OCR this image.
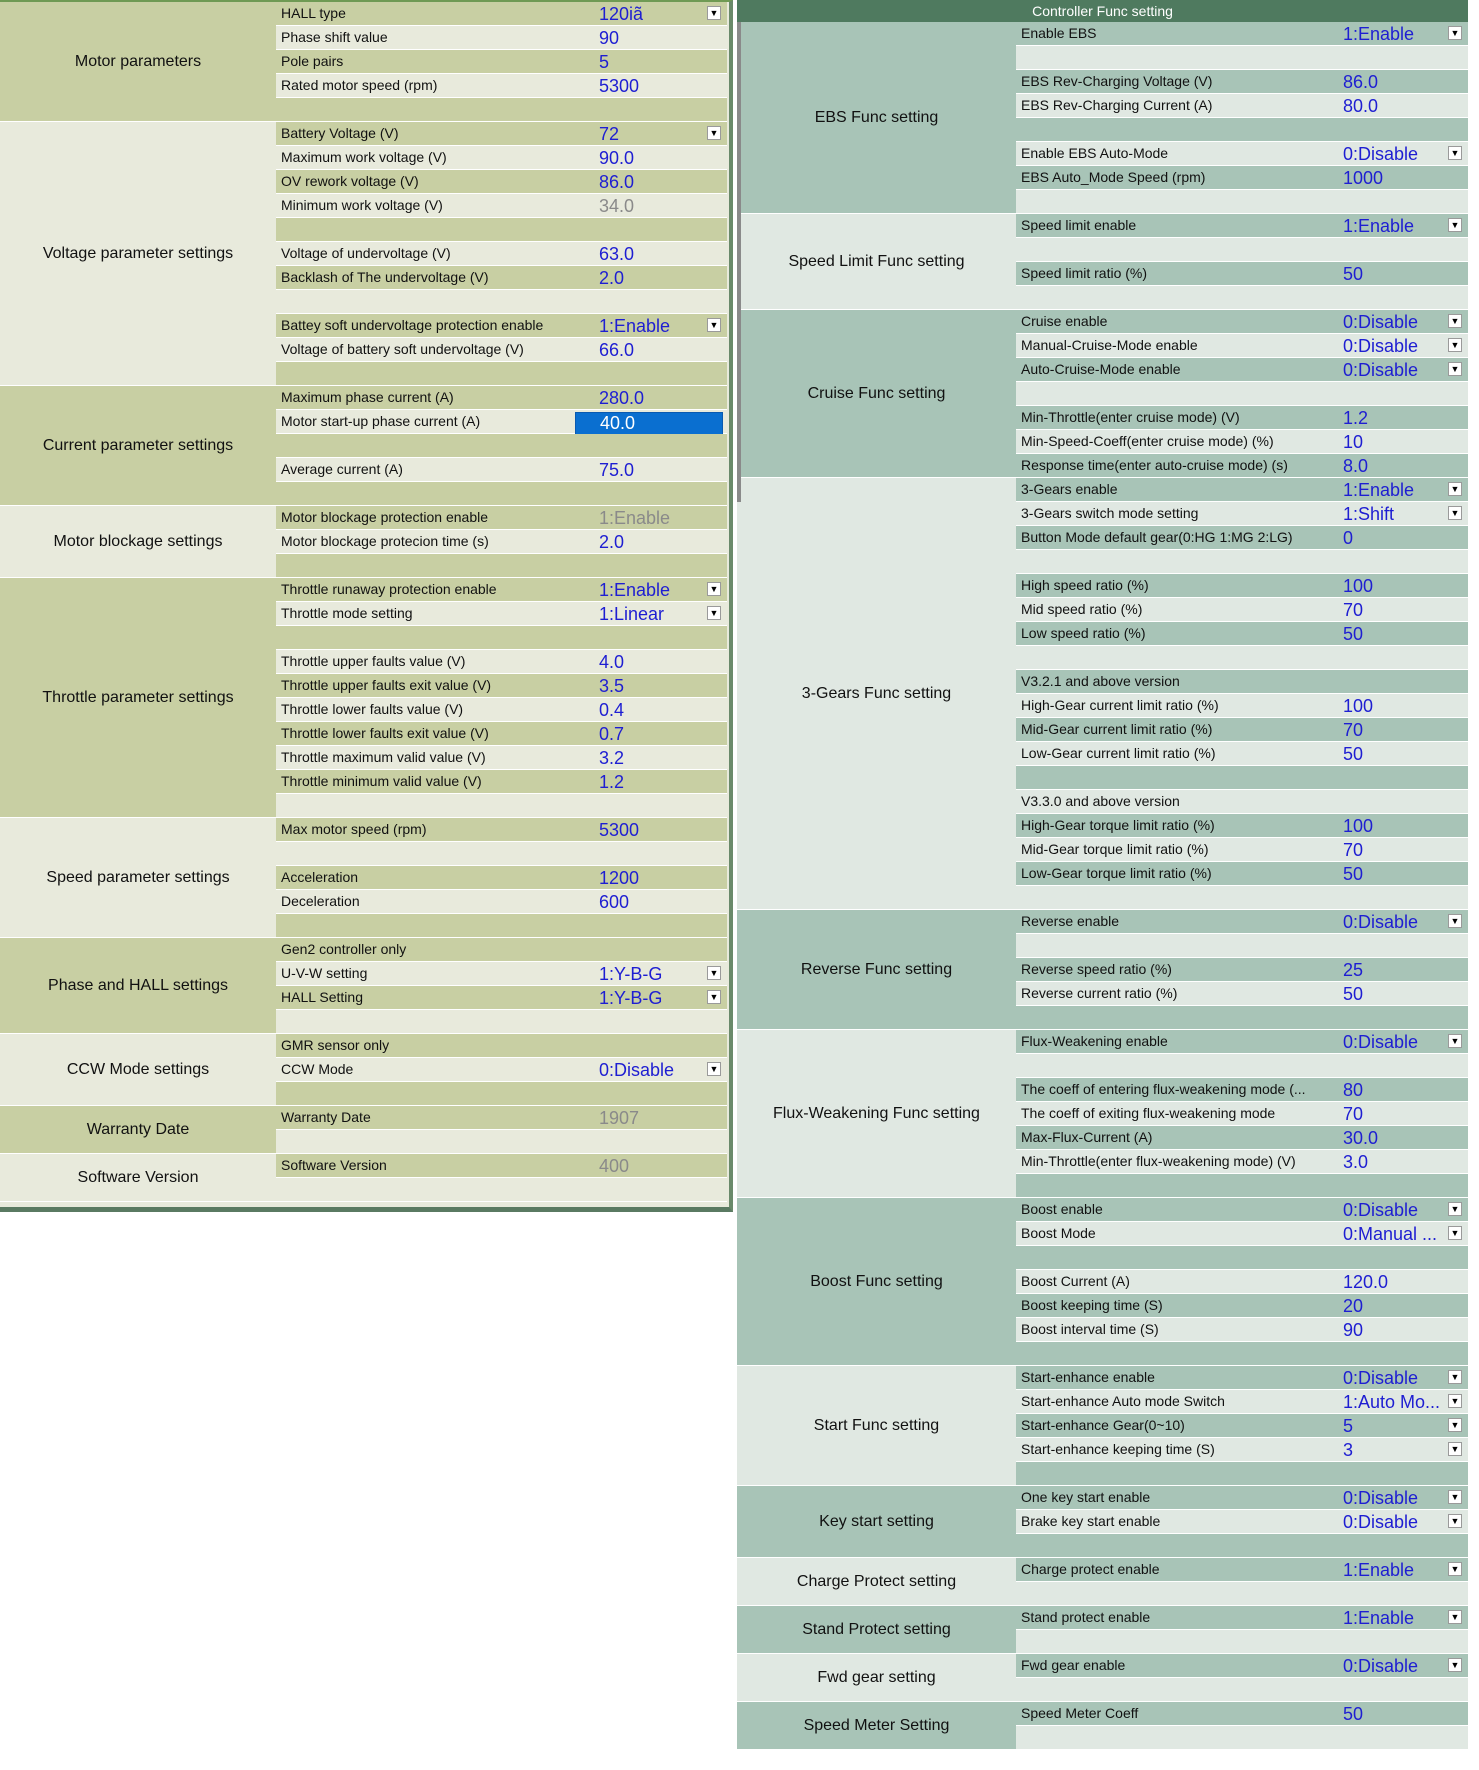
Motor parameters
HALL type	120iã	▼
Phase shift value	90
Pole pairs	5
Rated motor speed (rpm)	5300
Voltage parameter settings
Battery Voltage (V)	72	▼
Maximum work voltage (V)	90.0
OV rework voltage (V)	86.0
Minimum work voltage (V)	34.0
Voltage of undervoltage (V)	63.0
Backlash of The undervoltage (V)	2.0
Battey soft undervoltage protection enable	1:Enable	▼
Voltage of battery soft undervoltage (V)	66.0
Current parameter settings
Maximum phase current (A)	280.0
Motor start-up phase current (A)	40.0
Average current (A)	75.0
Motor blockage settings
Motor blockage protection enable	1:Enable
Motor blockage protecion time (s)	2.0
Throttle parameter settings
Throttle runaway protection enable	1:Enable	▼
Throttle mode setting	1:Linear	▼
Throttle upper faults value (V)	4.0
Throttle upper faults exit value (V)	3.5
Throttle lower faults value (V)	0.4
Throttle lower faults exit value (V)	0.7
Throttle maximum valid value (V)	3.2
Throttle minimum valid value (V)	1.2
Speed parameter settings
Max motor speed (rpm)	5300
Acceleration	1200
Deceleration	600
Phase and HALL settings
Gen2 controller only
U-V-W setting	1:Y-B-G	▼
HALL Setting	1:Y-B-G	▼
CCW Mode settings
GMR sensor only
CCW Mode	0:Disable	▼
Warranty Date
Warranty Date	1907
Software Version
Software Version	400
Controller Func setting
EBS Func setting
Enable EBS	1:Enable	▼
EBS Rev-Charging Voltage (V)	86.0
EBS Rev-Charging Current (A)	80.0
Enable EBS Auto-Mode	0:Disable	▼
EBS Auto_Mode Speed (rpm)	1000
Speed Limit Func setting
Speed limit enable	1:Enable	▼
Speed limit ratio (%)	50
Cruise Func setting
Cruise enable	0:Disable	▼
Manual-Cruise-Mode enable	0:Disable	▼
Auto-Cruise-Mode enable	0:Disable	▼
Min-Throttle(enter cruise mode) (V)	1.2
Min-Speed-Coeff(enter cruise mode) (%)	10
Response time(enter auto-cruise mode) (s)	8.0
3-Gears Func setting
3-Gears enable	1:Enable	▼
3-Gears switch mode setting	1:Shift	▼
Button Mode default gear(0:HG 1:MG 2:LG)	0
High speed ratio (%)	100
Mid speed ratio (%)	70
Low speed ratio (%)	50
V3.2.1 and above version
High-Gear current limit ratio (%)	100
Mid-Gear current limit ratio (%)	70
Low-Gear current limit ratio (%)	50
V3.3.0 and above version
High-Gear torque limit ratio (%)	100
Mid-Gear torque limit ratio (%)	70
Low-Gear torque limit ratio (%)	50
Reverse Func setting
Reverse enable	0:Disable	▼
Reverse speed ratio (%)	25
Reverse current ratio (%)	50
Flux-Weakening Func setting
Flux-Weakening enable	0:Disable	▼
The coeff of entering flux-weakening mode (...	80
The coeff of exiting flux-weakening mode	70
Max-Flux-Current (A)	30.0
Min-Throttle(enter flux-weakening mode) (V)	3.0
Boost Func setting
Boost enable	0:Disable	▼
Boost Mode	0:Manual ...	▼
Boost Current (A)	120.0
Boost keeping time (S)	20
Boost interval time (S)	90
Start Func setting
Start-enhance enable	0:Disable	▼
Start-enhance Auto mode Switch	1:Auto Mo...	▼
Start-enhance Gear(0~10)	5	▼
Start-enhance keeping time (S)	3	▼
Key start setting
One key start enable	0:Disable	▼
Brake key start enable	0:Disable	▼
Charge Protect setting
Charge protect enable	1:Enable	▼
Stand Protect setting
Stand protect enable	1:Enable	▼
Fwd gear setting
Fwd gear enable	0:Disable	▼
Speed Meter Setting
Speed Meter Coeff	50
